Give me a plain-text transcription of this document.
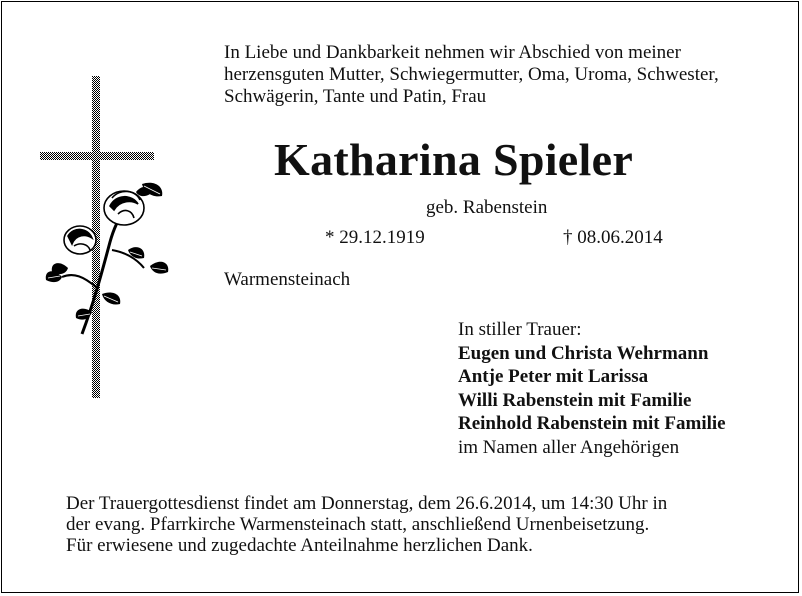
In Liebe und Dankbarkeit nehmen wir Abschied von meiner
herzensguten Mutter, Schwiegermutter, Oma, Uroma, Schwester,
Schwägerin, Tante und Patin, Frau
Katharina Spieler
geb. Rabenstein
* 29.12.1919	† 08.06.2014
Warmensteinach
In stiller Trauer:
Eugen und Christa Wehrmann
Antje Peter mit Larissa
Willi Rabenstein mit Familie
Reinhold Rabenstein mit Familie
im Namen aller Angehörigen
Der Trauergottesdienst findet am Donnerstag, dem 26.6.2014, um 14:30 Uhr in
der evang. Pfarrkirche Warmensteinach statt, anschließend Urnenbeisetzung.
Für erwiesene und zugedachte Anteilnahme herzlichen Dank.
